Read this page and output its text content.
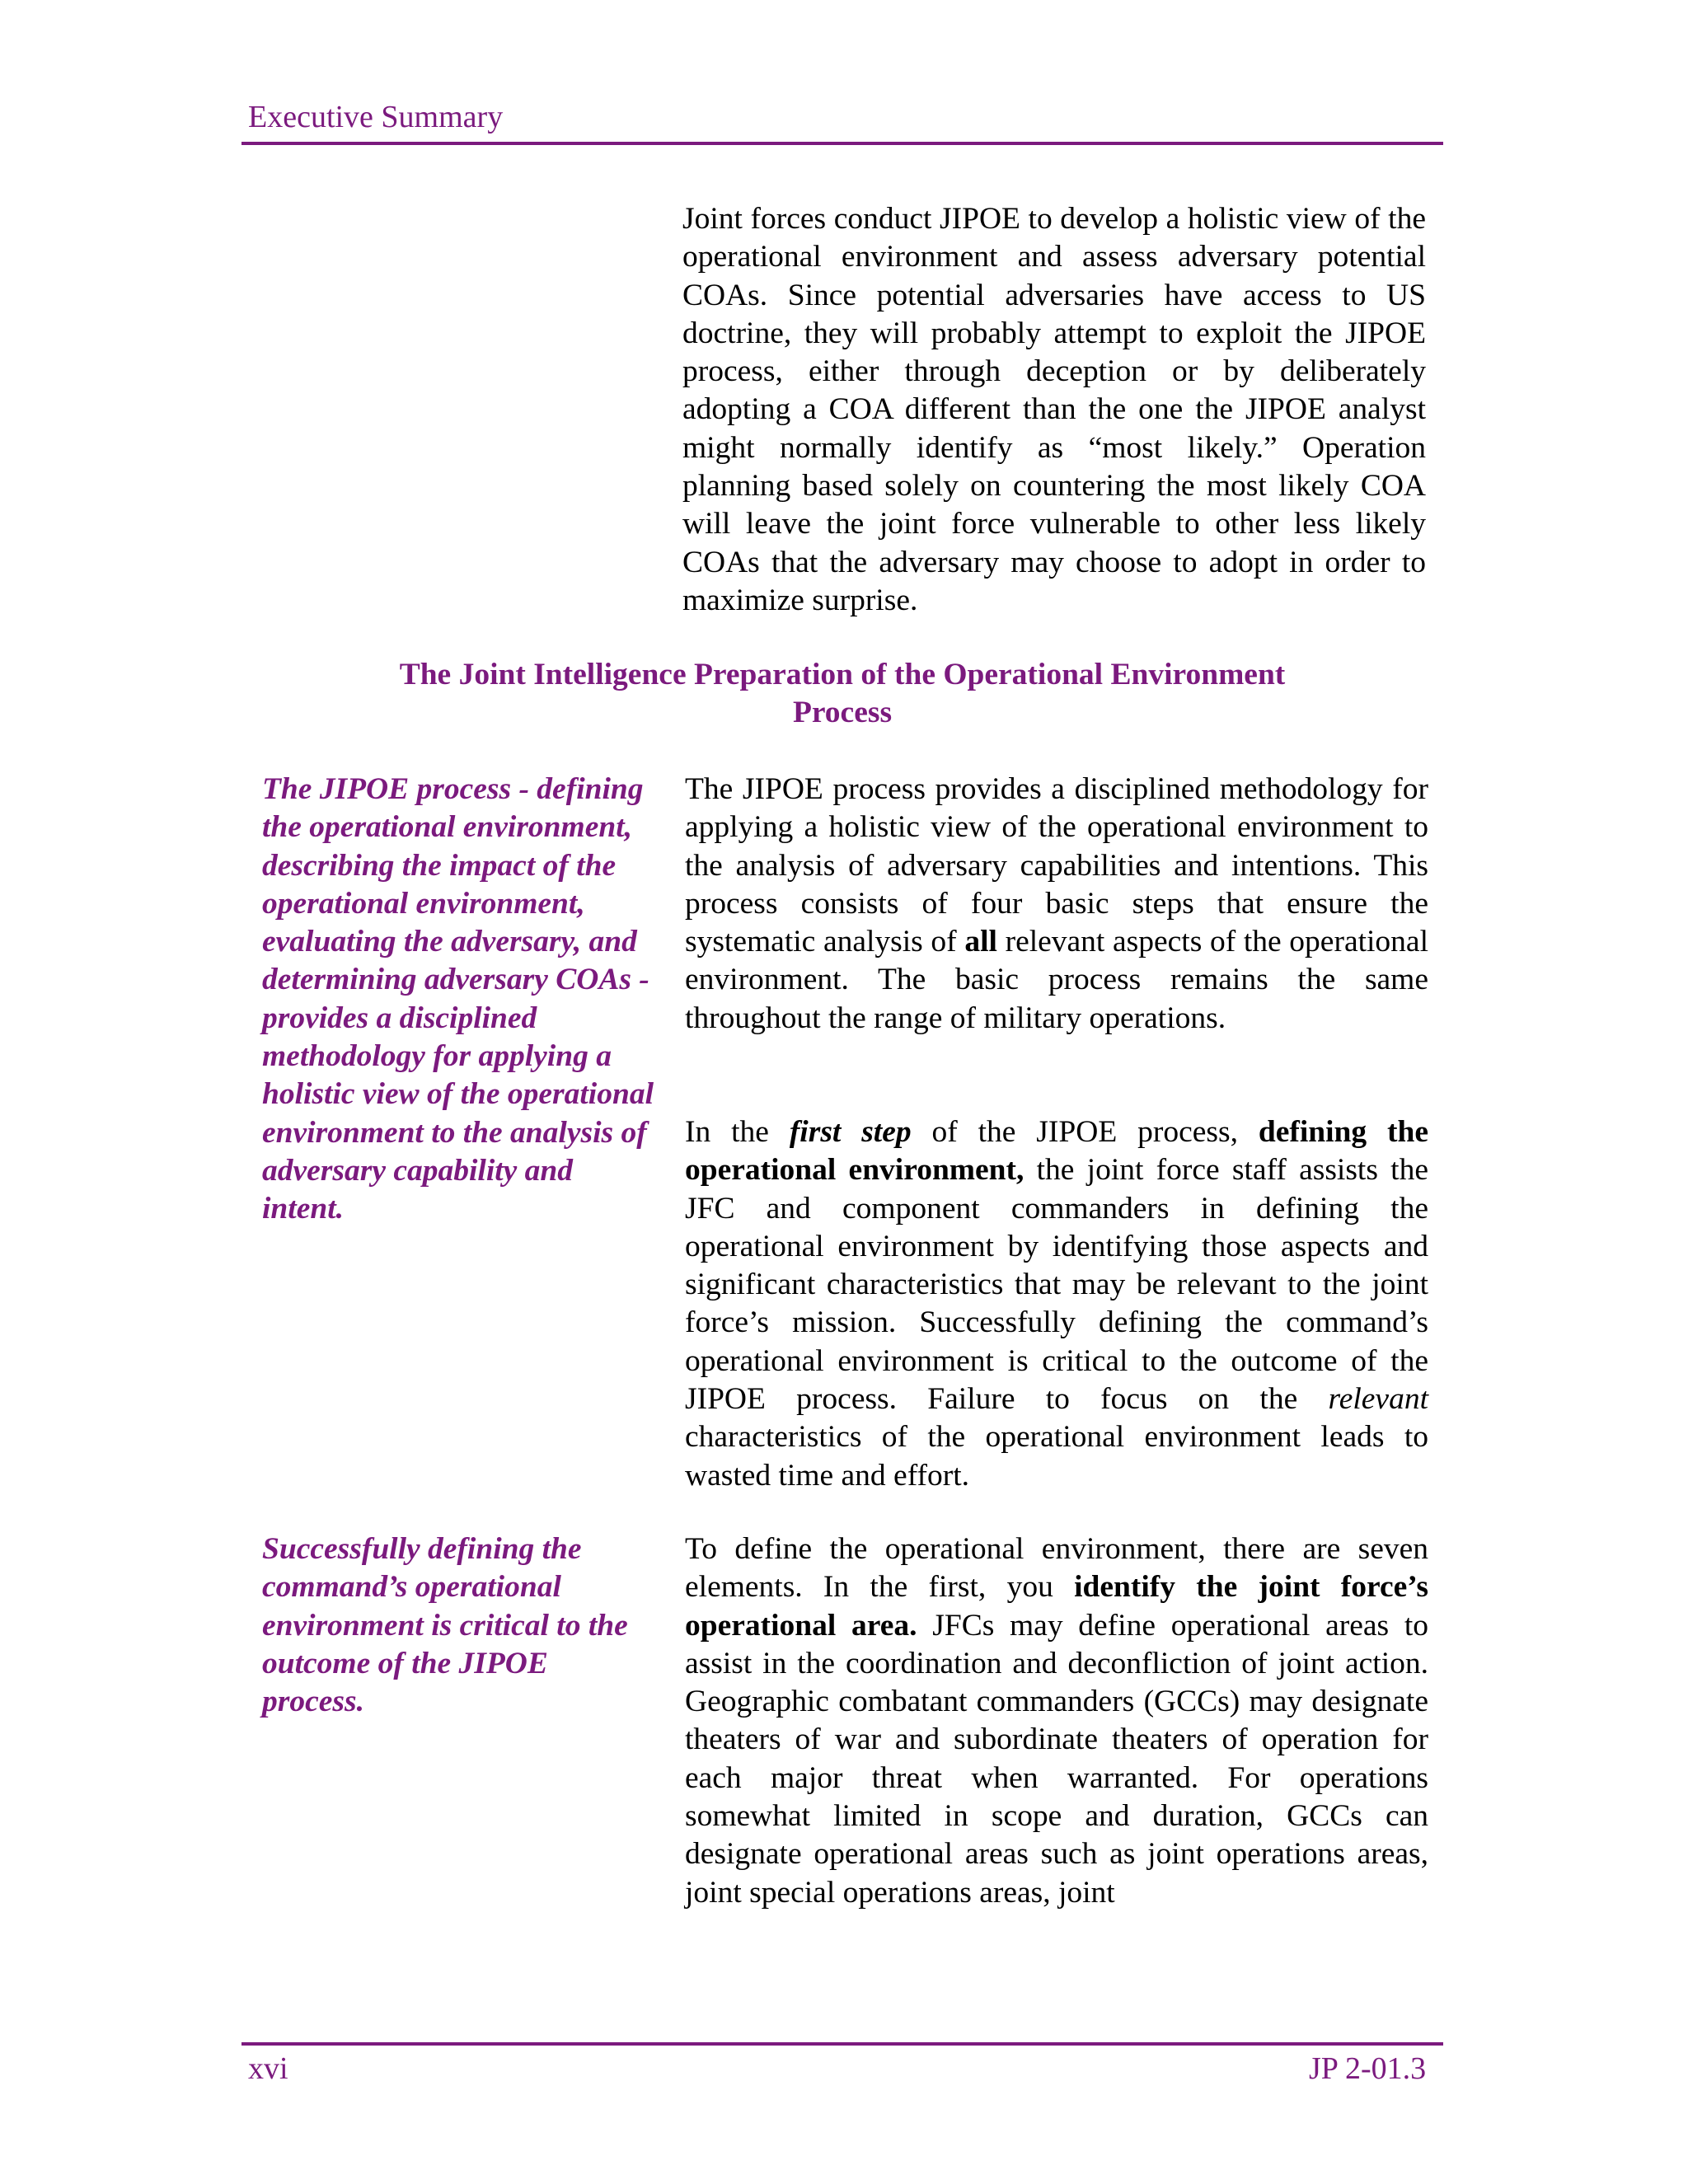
Executive Summary

Joint forces conduct JIPOE to develop a holistic view of the operational environment and assess adversary potential COAs. Since potential adversaries have access to US doctrine, they will probably attempt to exploit the JIPOE process, either through deception or by deliberately adopting a COA different than the one the JIPOE analyst might normally identify as “most likely.” Operation planning based solely on countering the most likely COA will leave the joint force vulnerable to other less likely COAs that the adversary may choose to adopt in order to maximize surprise.

The Joint Intelligence Preparation of the Operational Environment
Process
The JIPOE process - defining the operational environment, describing the impact of the operational environment, evaluating the adversary, and determining adversary COAs - provides a disciplined methodology for applying a holistic view of the operational environment to the analysis of adversary capability and intent.

The JIPOE process provides a disciplined methodology for applying a holistic view of the operational environment to the analysis of adversary capabilities and intentions. This process consists of four basic steps that ensure the systematic analysis of all relevant aspects of the operational environment. The basic process remains the same throughout the range of military operations.

In the first step of the JIPOE process, defining the operational environment, the joint force staff assists the JFC and component commanders in defining the operational environment by identifying those aspects and significant characteristics that may be relevant to the joint force’s mission. Successfully defining the command’s operational environment is critical to the outcome of the JIPOE process. Failure to focus on the relevant characteristics of the operational environment leads to wasted time and effort.

Successfully defining the command’s operational environment is critical to the outcome of the JIPOE process.

To define the operational environment, there are seven elements. In the first, you identify the joint force’s operational area. JFCs may define operational areas to assist in the coordination and deconfliction of joint action. Geographic combatant commanders (GCCs) may designate theaters of war and subordinate theaters of operation for each major threat when warranted. For operations somewhat limited in scope and duration, GCCs can designate operational areas such as joint operations areas, joint special operations areas, joint

xvi	JP 2-01.3
